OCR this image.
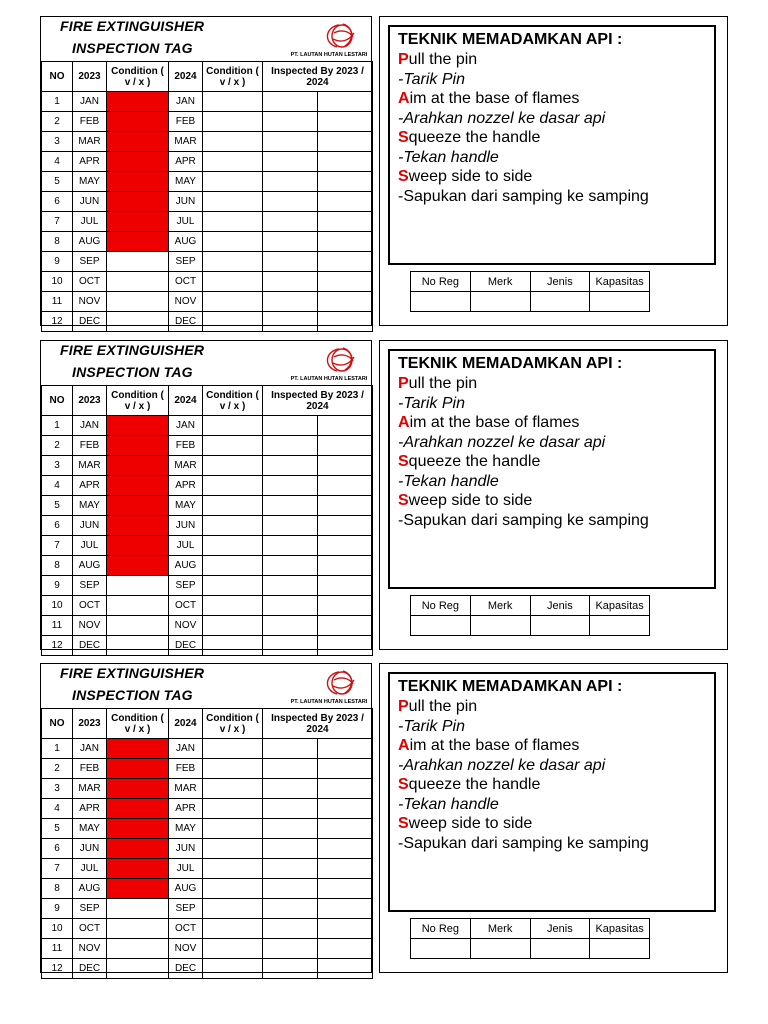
FIRE EXTINGUISHER
INSPECTION TAG	PT. LAUTAN HUTAN LESTARI
NO	2023	Condition ( v / x )	2024	Condition ( v / x )	Inspected By 2023 / 2024	
1	JAN		JAN			
2	FEB		FEB			
3	MAR		MAR			
4	APR		APR			
5	MAY		MAY			
6	JUN		JUN			
7	JUL		JUL			
8	AUG		AUG			
9	SEP		SEP			
10	OCT		OCT			
11	NOV		NOV			
12	DEC		DEC			
TEKNIK MEMADAMKAN API :
Pull the pin
-Tarik Pin
Aim at the base of flames
-Arahkan nozzel ke dasar api
Squeeze the handle
-Tekan handle
Sweep side to side
-Sapukan dari samping ke samping
No Reg	Merk	Jenis	Kapasitas

FIRE EXTINGUISHER
INSPECTION TAG	PT. LAUTAN HUTAN LESTARI
NO	2023	Condition ( v / x )	2024	Condition ( v / x )	Inspected By 2023 / 2024	
1	JAN		JAN			
2	FEB		FEB			
3	MAR		MAR			
4	APR		APR			
5	MAY		MAY			
6	JUN		JUN			
7	JUL		JUL			
8	AUG		AUG			
9	SEP		SEP			
10	OCT		OCT			
11	NOV		NOV			
12	DEC		DEC			
TEKNIK MEMADAMKAN API :
Pull the pin
-Tarik Pin
Aim at the base of flames
-Arahkan nozzel ke dasar api
Squeeze the handle
-Tekan handle
Sweep side to side
-Sapukan dari samping ke samping
No Reg	Merk	Jenis	Kapasitas

FIRE EXTINGUISHER
INSPECTION TAG	PT. LAUTAN HUTAN LESTARI
NO	2023	Condition ( v / x )	2024	Condition ( v / x )	Inspected By 2023 / 2024	
1	JAN		JAN			
2	FEB		FEB			
3	MAR		MAR			
4	APR		APR			
5	MAY		MAY			
6	JUN		JUN			
7	JUL		JUL			
8	AUG		AUG			
9	SEP		SEP			
10	OCT		OCT			
11	NOV		NOV			
12	DEC		DEC			
TEKNIK MEMADAMKAN API :
Pull the pin
-Tarik Pin
Aim at the base of flames
-Arahkan nozzel ke dasar api
Squeeze the handle
-Tekan handle
Sweep side to side
-Sapukan dari samping ke samping
No Reg	Merk	Jenis	Kapasitas
